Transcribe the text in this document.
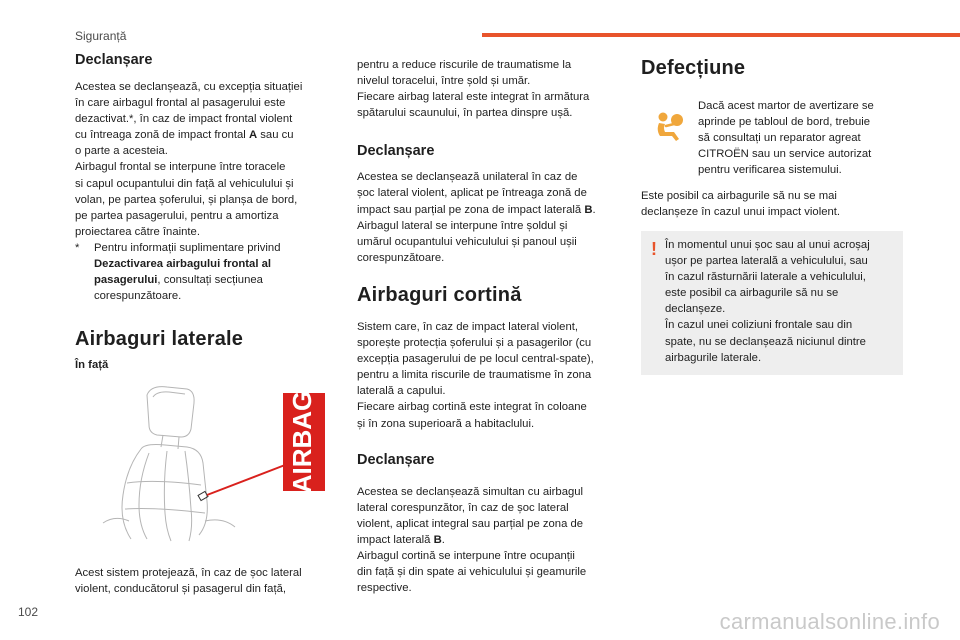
Siguranță
Declanșare

Acestea se declanșează, cu excepția situației
în care airbagul frontal al pasagerului este
dezactivat.*, în caz de impact frontal violent
cu întreaga zonă de impact frontal A sau cu
o parte a acesteia.
Airbagul frontal se interpune între toracele
si capul ocupantului din față al vehiculului și
volan, pe partea șoferului, și planșa de bord,
pe partea pasagerului, pentru a amortiza
proiectarea către înainte.

* Pentru informații suplimentare privind
Dezactivarea airbagului frontal al
pasagerului, consultați secțiunea
corespunzătoare.
Airbaguri laterale
În față
AIRBAG

Acest sistem protejează, în caz de șoc lateral
violent, conducătorul și pasagerul din față,

pentru a reduce riscurile de traumatisme la
nivelul toracelui, între șold și umăr.
Fiecare airbag lateral este integrat în armătura
spătarului scaunului, în partea dinspre ușă.

Declanșare

Acestea se declanșează unilateral în caz de
șoc lateral violent, aplicat pe întreaga zonă de
impact sau parțial pe zona de impact laterală B.
Airbagul lateral se interpune între șoldul și
umărul ocupantului vehiculului și panoul ușii
corespunzătoare.

Airbaguri cortină

Sistem care, în caz de impact lateral violent,
sporește protecția șoferului și a pasagerilor (cu
excepția pasagerului de pe locul central-spate),
pentru a limita riscurile de traumatisme în zona
laterală a capului.
Fiecare airbag cortină este integrat în coloane
și în zona superioară a habitaclului.

Declanșare

Acestea se declanșează simultan cu airbagul
lateral corespunzător, în caz de șoc lateral
violent, aplicat integral sau parțial pe zona de
impact laterală B.
Airbagul cortină se interpune între ocupanții
din față și din spate ai vehiculului și geamurile
respective.

Defecțiune

Dacă acest martor de avertizare se
aprinde pe tabloul de bord, trebuie
să consultați un reparator agreat
CITROËN sau un service autorizat
pentru verificarea sistemului.

Este posibil ca airbagurile să nu se mai
declanșeze în cazul unui impact violent.

! În momentul unui șoc sau al unui acroșaj
ușor pe partea laterală a vehiculului, sau
în cazul răsturnării laterale a vehiculului,
este posibil ca airbagurile să nu se
declanșeze.
În cazul unei coliziuni frontale sau din
spate, nu se declanșează niciunul dintre
airbagurile laterale.

102	carmanualsonline.info
